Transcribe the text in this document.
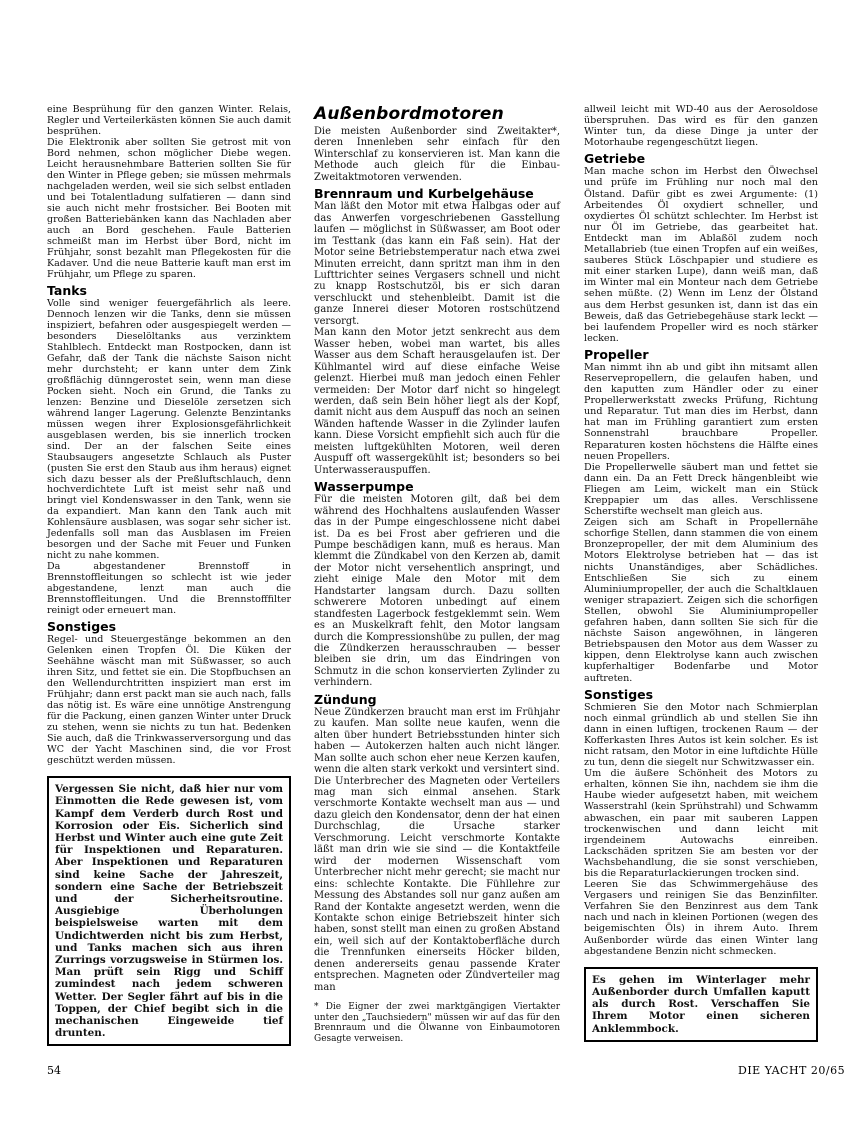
eine Besprühung für den ganzen Winter. Relais, Regler und Verteilerkästen können Sie auch damit besprühen.

Die Elektronik aber sollten Sie getrost mit von Bord nehmen, schon möglicher Diebe wegen. Leicht herausnehmbare Batterien sollten Sie für den Winter in Pflege geben; sie müssen mehrmals nachgeladen werden, weil sie sich selbst entladen und bei Totalentladung sulfatieren — dann sind sie auch nicht mehr frostsicher. Bei Booten mit großen Batteriebänken kann das Nachladen aber auch an Bord geschehen. Faule Batterien schmeißt man im Herbst über Bord, nicht im Frühjahr, sonst bezahlt man Pflegekosten für die Kadaver. Und die neue Batterie kauft man erst im Frühjahr, um Pflege zu sparen.

Tanks

Volle sind weniger feuergefährlich als leere. Dennoch lenzen wir die Tanks, denn sie müssen inspiziert, befahren oder ausgespiegelt werden — besonders Dieselöltanks aus verzinktem Stahlblech. Entdeckt man Rostpocken, dann ist Gefahr, daß der Tank die nächste Saison nicht mehr durchsteht; er kann unter dem Zink großflächig dünngerostet sein, wenn man diese Pocken sieht. Noch ein Grund, die Tanks zu lenzen: Benzine und Dieselöle zersetzen sich während langer Lagerung. Gelenzte Benzintanks müssen wegen ihrer Explosionsgefährlichkeit ausgeblasen werden, bis sie innerlich trocken sind. Der an der falschen Seite eines Staubsaugers angesetzte Schlauch als Puster (pusten Sie erst den Staub aus ihm heraus) eignet sich dazu besser als der Preßluftschlauch, denn hochverdichtete Luft ist meist sehr naß und bringt viel Kondenswasser in den Tank, wenn sie da expandiert. Man kann den Tank auch mit Kohlensäure ausblasen, was sogar sehr sicher ist. Jedenfalls soll man das Ausblasen im Freien besorgen und der Sache mit Feuer und Funken nicht zu nahe kommen.

Da abgestandener Brennstoff in Brennstoffleitungen so schlecht ist wie jeder abgestandene, lenzt man auch die Brennstoffleitungen. Und die Brennstofffilter reinigt oder erneuert man.

Sonstiges

Regel- und Steuergestänge bekommen an den Gelenken einen Tropfen Öl. Die Küken der Seehähne wäscht man mit Süßwasser, so auch ihren Sitz, und fettet sie ein. Die Stopfbuchsen an den Wellendurchtritten inspiziert man erst im Frühjahr; dann erst packt man sie auch nach, falls das nötig ist. Es wäre eine unnötige Anstrengung für die Packung, einen ganzen Winter unter Druck zu stehen, wenn sie nichts zu tun hat. Bedenken Sie auch, daß die Trinkwasserversorgung und das WC der Yacht Maschinen sind, die vor Frost geschützt werden müssen.

Vergessen Sie nicht, daß hier nur vom Einmotten die Rede gewesen ist, vom Kampf dem Verderb durch Rost und Korrosion oder Eis. Sicherlich sind Herbst und Winter auch eine gute Zeit für Inspektionen und Reparaturen. Aber Inspektionen und Reparaturen sind keine Sache der Jahreszeit, sondern eine Sache der Betriebszeit und der Sicherheitsroutine. Ausgiebige Überholungen beispielsweise warten mit dem Undichtwerden nicht bis zum Herbst, und Tanks machen sich aus ihren Zurrings vorzugsweise in Stürmen los. Man prüft sein Rigg und Schiff zumindest nach jedem schweren Wetter. Der Segler fährt auf bis in die Toppen, der Chief begibt sich in die mechanischen Eingeweide tief drunten.
Außenbordmotoren

Die meisten Außenborder sind Zweitakter*, deren Innenleben sehr einfach für den Winterschlaf zu konservieren ist. Man kann die Methode auch gleich für die Einbau-Zweitaktmotoren verwenden.

Brennraum und Kurbelgehäuse

Man läßt den Motor mit etwa Halbgas oder auf das Anwerfen vorgeschriebenen Gasstellung laufen — möglichst in Süßwasser, am Boot oder im Testtank (das kann ein Faß sein). Hat der Motor seine Betriebstemperatur nach etwa zwei Minuten erreicht, dann spritzt man ihm in den Lufttrichter seines Vergasers schnell und nicht zu knapp Rostschutzöl, bis er sich daran verschluckt und stehenbleibt. Damit ist die ganze Innerei dieser Motoren rostschützend versorgt.

Man kann den Motor jetzt senkrecht aus dem Wasser heben, wobei man wartet, bis alles Wasser aus dem Schaft herausgelaufen ist. Der Kühlmantel wird auf diese einfache Weise gelenzt. Hierbei muß man jedoch einen Fehler vermeiden: Der Motor darf nicht so hingelegt werden, daß sein Bein höher liegt als der Kopf, damit nicht aus dem Auspuff das noch an seinen Wänden haftende Wasser in die Zylinder laufen kann. Diese Vorsicht empfiehlt sich auch für die meisten luftgekühlten Motoren, weil deren Auspuff oft wassergekühlt ist; besonders so bei Unterwasserauspuffen.

Wasserpumpe

Für die meisten Motoren gilt, daß bei dem während des Hochhaltens auslaufenden Wasser das in der Pumpe eingeschlossene nicht dabei ist. Da es bei Frost aber gefrieren und die Pumpe beschädigen kann, muß es heraus. Man klemmt die Zündkabel von den Kerzen ab, damit der Motor nicht versehentlich anspringt, und zieht einige Male den Motor mit dem Handstarter langsam durch. Dazu sollten schwerere Motoren unbedingt auf einem standfesten Lagerbock festgeklemmt sein. Wem es an Muskelkraft fehlt, den Motor langsam durch die Kompressionshübe zu pullen, der mag die Zündkerzen herausschrauben — besser bleiben sie drin, um das Eindringen von Schmutz in die schon konservierten Zylinder zu verhindern.

Zündung

Neue Zündkerzen braucht man erst im Frühjahr zu kaufen. Man sollte neue kaufen, wenn die alten über hundert Betriebsstunden hinter sich haben — Autokerzen halten auch nicht länger. Man sollte auch schon eher neue Kerzen kaufen, wenn die alten stark verkokt und versintert sind.

Die Unterbrecher des Magneten oder Verteilers mag man sich einmal ansehen. Stark verschmorte Kontakte wechselt man aus — und dazu gleich den Kondensator, denn der hat einen Durchschlag, die Ursache starker Verschmorung. Leicht verschmorte Kontakte läßt man drin wie sie sind — die Kontaktfeile wird der modernen Wissenschaft vom Unterbrecher nicht mehr gerecht; sie macht nur eins: schlechte Kontakte. Die Fühllehre zur Messung des Abstandes soll nur ganz außen am Rand der Kontakte angesetzt werden, wenn die Kontakte schon einige Betriebszeit hinter sich haben, sonst stellt man einen zu großen Abstand ein, weil sich auf der Kontaktoberfläche durch die Trennfunken einerseits Höcker bilden, denen andererseits genau passende Krater entsprechen. Magneten oder Zündverteiler mag man

* Die Eigner der zwei marktgängigen Viertakter unter den „Tauchsiedern" müssen wir auf das für den Brennraum und die Ölwanne von Einbaumotoren Gesagte verweisen.

allweil leicht mit WD-40 aus der Aerosoldose überspruhen. Das wird es für den ganzen Winter tun, da diese Dinge ja unter der Motorhaube regengeschützt liegen.

Getriebe

Man mache schon im Herbst den Ölwechsel und prüfe im Frühling nur noch mal den Ölstand. Dafür gibt es zwei Argumente: (1) Arbeitendes Öl oxydiert schneller, und oxydiertes Öl schützt schlechter. Im Herbst ist nur Öl im Getriebe, das gearbeitet hat. Entdeckt man im Ablaßöl zudem noch Metallabrieb (tue einen Tropfen auf ein weißes, sauberes Stück Löschpapier und studiere es mit einer starken Lupe), dann weiß man, daß im Winter mal ein Monteur nach dem Getriebe sehen müßte. (2) Wenn im Lenz der Ölstand aus dem Herbst gesunken ist, dann ist das ein Beweis, daß das Getriebegehäuse stark leckt — bei laufendem Propeller wird es noch stärker lecken.

Propeller

Man nimmt ihn ab und gibt ihn mitsamt allen Reservepropellern, die gelaufen haben, und den kaputten zum Händler oder zu einer Propellerwerkstatt zwecks Prüfung, Richtung und Reparatur. Tut man dies im Herbst, dann hat man im Frühling garantiert zum ersten Sonnenstrahl brauchbare Propeller. Reparaturen kosten höchstens die Hälfte eines neuen Propellers.

Die Propellerwelle säubert man und fettet sie dann ein. Da an Fett Dreck hängenbleibt wie Fliegen am Leim, wickelt man ein Stück Kreppapier um das alles. Verschlissene Scherstifte wechselt man gleich aus.

Zeigen sich am Schaft in Propellernähe schorfige Stellen, dann stammen die von einem Bronzepropeller, der mit dem Aluminium des Motors Elektrolyse betrieben hat — das ist nichts Unanständiges, aber Schädliches. Entschließen Sie sich zu einem Aluminiumpropeller, der auch die Schaltklauen weniger strapaziert. Zeigen sich die schorfigen Stellen, obwohl Sie Aluminiumpropeller gefahren haben, dann sollten Sie sich für die nächste Saison angewöhnen, in längeren Betriebspausen den Motor aus dem Wasser zu kippen, denn Elektrolyse kann auch zwischen kupferhaltiger Bodenfarbe und Motor auftreten.

Sonstiges

Schmieren Sie den Motor nach Schmierplan noch einmal gründlich ab und stellen Sie ihn dann in einen luftigen, trockenen Raum — der Kofferkasten Ihres Autos ist kein solcher. Es ist nicht ratsam, den Motor in eine luftdichte Hülle zu tun, denn die siegelt nur Schwitzwasser ein.

Um die äußere Schönheit des Motors zu erhalten, können Sie ihn, nachdem sie ihm die Haube wieder aufgesetzt haben, mit weichem Wasserstrahl (kein Sprühstrahl) und Schwamm abwaschen, ein paar mit sauberen Lappen trockenwischen und dann leicht mit irgendeinem Autowachs einreiben. Lackschäden spritzen Sie am besten vor der Wachsbehandlung, die sie sonst verschieben, bis die Reparaturlackierungen trocken sind.

Leeren Sie das Schwimmergehäuse des Vergasers und reinigen Sie das Benzinfilter. Verfahren Sie den Benzinrest aus dem Tank nach und nach in kleinen Portionen (wegen des beigemischten Öls) in ihrem Auto. Ihrem Außenborder würde das einen Winter lang abgestandene Benzin nicht schmecken.

Es gehen im Winterlager mehr Außenborder durch Umfallen kaputt als durch Rost. Verschaffen Sie Ihrem Motor einen sicheren Anklemmbock.
54	DIE YACHT 20/65
